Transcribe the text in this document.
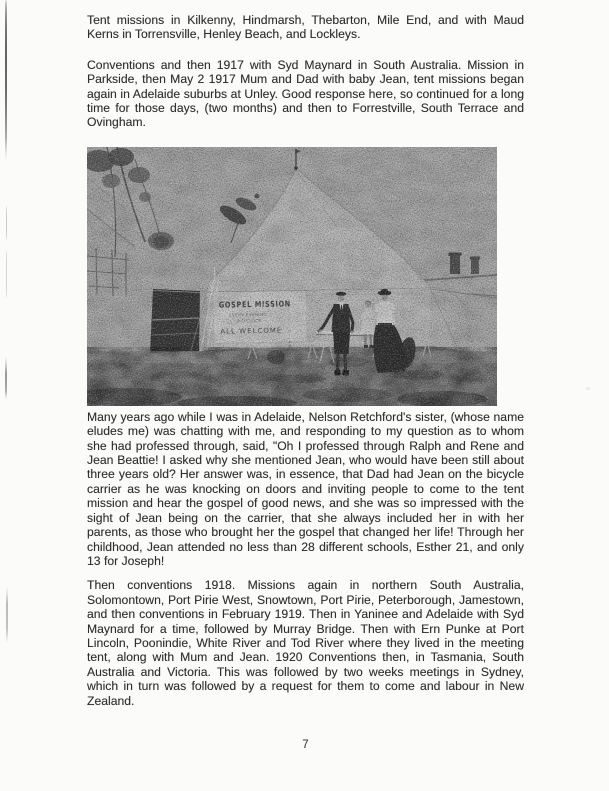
Tent missions in Kilkenny, Hindmarsh, Thebarton, Mile End, and with Maud Kerns in Torrensville, Henley Beach, and Lockleys.

Conventions and then 1917 with Syd Maynard in South Australia. Mission in Parkside, then May 2 1917 Mum and Dad with baby Jean, tent missions began again in Adelaide suburbs at Unley. Good response here, so continued for a long time for those days, (two months) and then to Forrestville, South Terrace and Ovingham.

Many years ago while I was in Adelaide, Nelson Retchford's sister, (whose name eludes me) was chatting with me, and responding to my question as to whom she had professed through, said, "Oh I professed through Ralph and Rene and Jean Beattie! I asked why she mentioned Jean, who would have been still about three years old? Her answer was, in essence, that Dad had Jean on the bicycle carrier as he was knocking on doors and inviting people to come to the tent mission and hear the gospel of good news, and she was so impressed with the sight of Jean being on the carrier, that she always included her in with her parents, as those who brought her the gospel that changed her life! Through her childhood, Jean attended no less than 28 different schools, Esther 21, and only 13 for Joseph!

Then conventions 1918. Missions again in northern South Australia, Solomontown, Port Pirie West, Snowtown, Port Pirie, Peterborough, Jamestown, and then conventions in February 1919. Then in Yaninee and Adelaide with Syd Maynard for a time, followed by Murray Bridge. Then with Ern Punke at Port Lincoln, Poonindie, White River and Tod River where they lived in the meeting tent, along with Mum and Jean. 1920 Conventions then, in Tasmania, South Australia and Victoria. This was followed by two weeks meetings in Sydney, which in turn was followed by a request for them to come and labour in New Zealand.

7
